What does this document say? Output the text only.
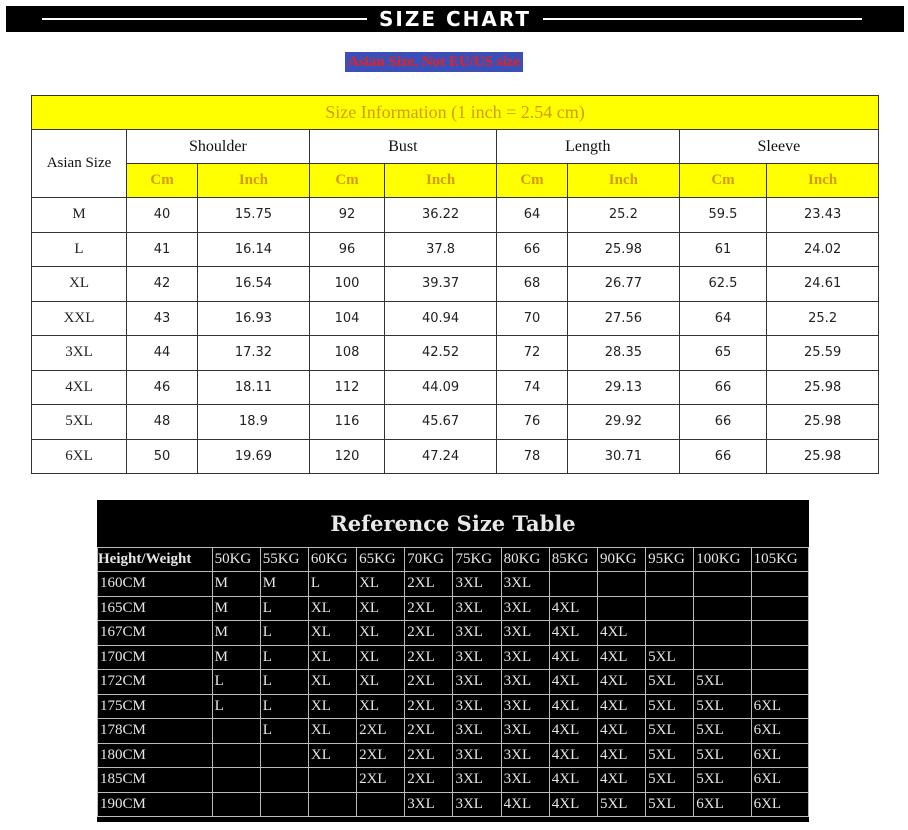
SIZE CHART
Asian Size, Not EU/US size
Size Information (1 inch = 2.54 cm)								
Asian Size	Shoulder		Bust		Length		Sleeve	
	Cm	Inch	Cm	Inch	Cm	Inch	Cm	Inch
M	40	15.75	92	36.22	64	25.2	59.5	23.43
L	41	16.14	96	37.8	66	25.98	61	24.02
XL	42	16.54	100	39.37	68	26.77	62.5	24.61
XXL	43	16.93	104	40.94	70	27.56	64	25.2
3XL	44	17.32	108	42.52	72	28.35	65	25.59
4XL	46	18.11	112	44.09	74	29.13	66	25.98
5XL	48	18.9	116	45.67	76	29.92	66	25.98
6XL	50	19.69	120	47.24	78	30.71	66	25.98
Reference Size Table
Height/Weight	50KG	55KG	60KG	65KG	70KG	75KG	80KG	85KG	90KG	95KG	100KG	105KG
160CM	M	M	L	XL	2XL	3XL	3XL					
165CM	M	L	XL	XL	2XL	3XL	3XL	4XL				
167CM	M	L	XL	XL	2XL	3XL	3XL	4XL	4XL			
170CM	M	L	XL	XL	2XL	3XL	3XL	4XL	4XL	5XL		
172CM	L	L	XL	XL	2XL	3XL	3XL	4XL	4XL	5XL	5XL	
175CM	L	L	XL	XL	2XL	3XL	3XL	4XL	4XL	5XL	5XL	6XL
178CM		L	XL	2XL	2XL	3XL	3XL	4XL	4XL	5XL	5XL	6XL
180CM			XL	2XL	2XL	3XL	3XL	4XL	4XL	5XL	5XL	6XL
185CM				2XL	2XL	3XL	3XL	4XL	4XL	5XL	5XL	6XL
190CM					3XL	3XL	4XL	4XL	5XL	5XL	6XL	6XL
